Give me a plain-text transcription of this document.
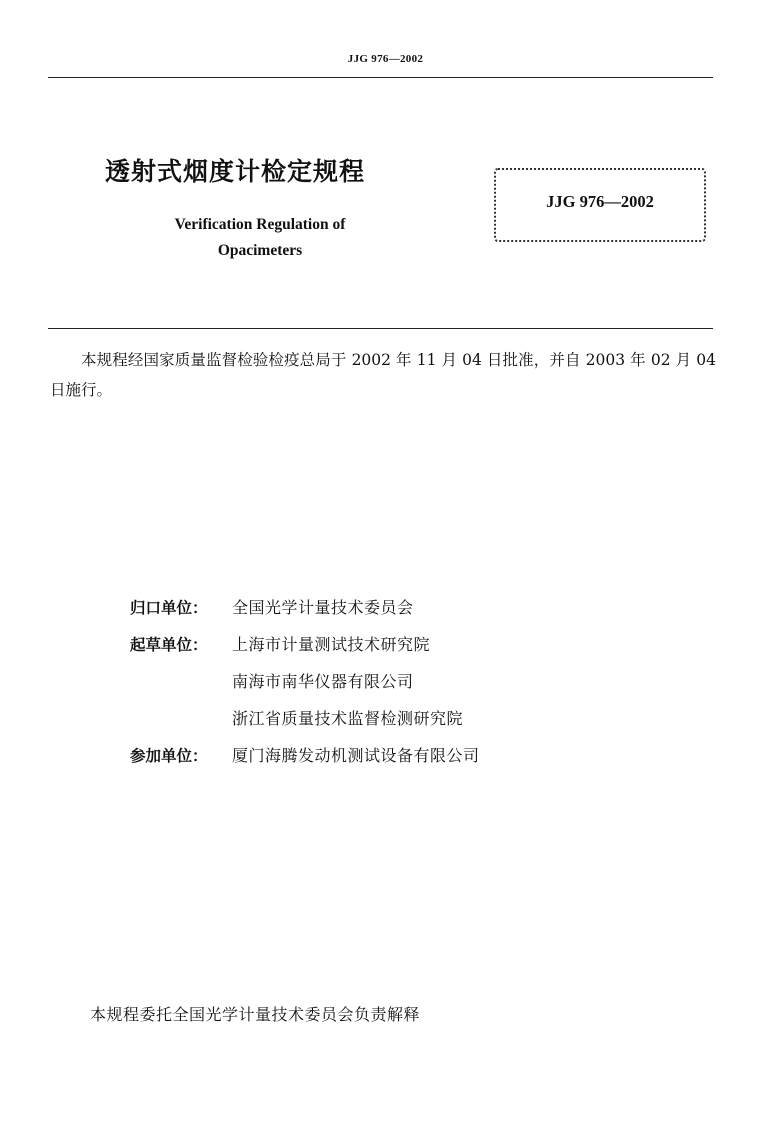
JJG 976—2002
透射式烟度计检定规程
Verification Regulation of
Opacimeters
JJG 976—2002
本规程经国家质量监督检验检疫总局于 2002 年 11 月 04 日批准，并自 2003 年 02 月 04 日施行。
归口单位：	全国光学计量技术委员会
起草单位：	上海市计量测试技术研究院
南海市南华仪器有限公司
浙江省质量技术监督检测研究院
参加单位：	厦门海腾发动机测试设备有限公司
本规程委托全国光学计量技术委员会负责解释
